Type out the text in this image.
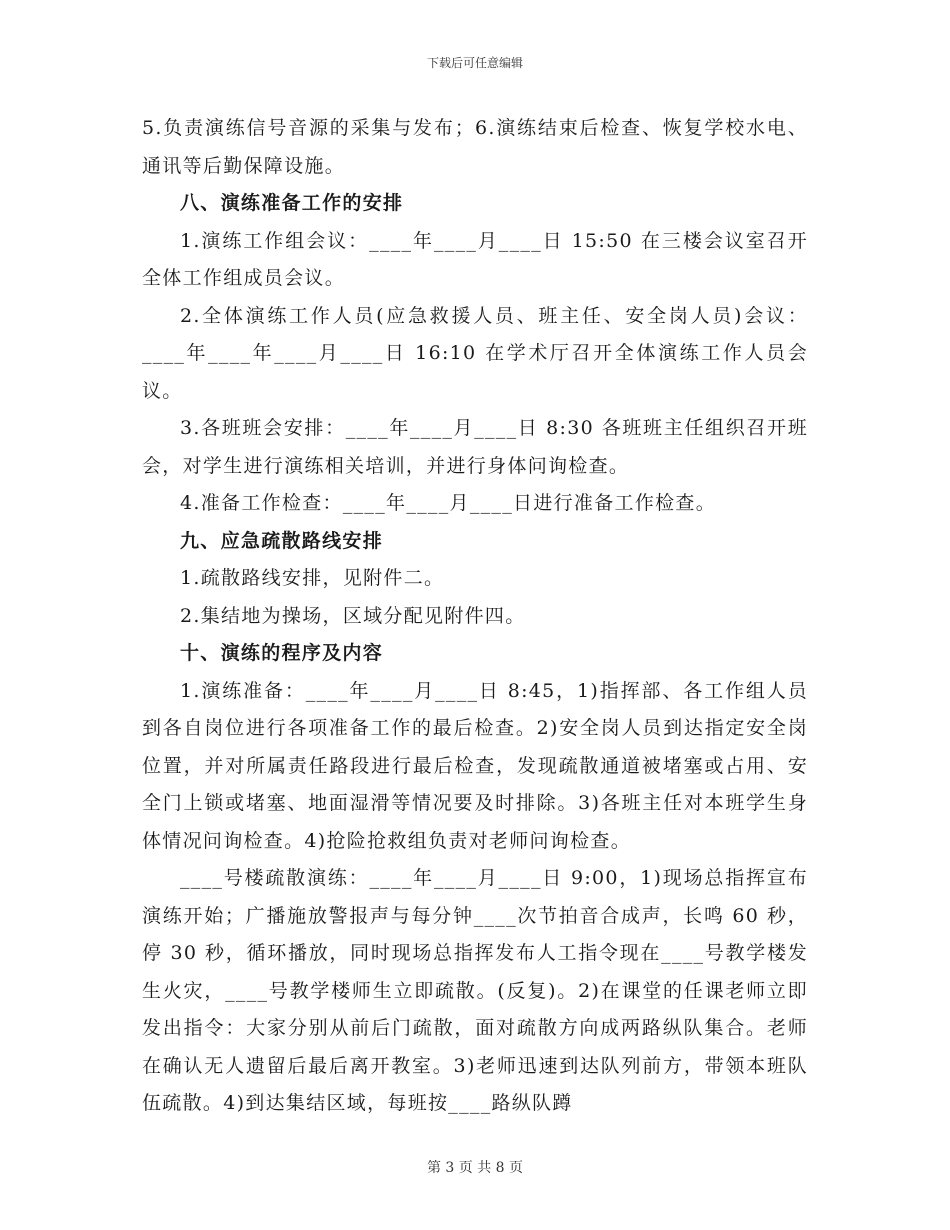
下载后可任意编辑

5.负责演练信号音源的采集与发布；6.演练结束后检查、恢复学校水电、通讯等后勤保障设施。

八、演练准备工作的安排

1.演练工作组会议：____年____月____日 15:50 在三楼会议室召开全体工作组成员会议。

2.全体演练工作人员(应急救援人员、班主任、安全岗人员)会议：____年____年____月____日 16:10 在学术厅召开全体演练工作人员会议。

3.各班班会安排：____年____月____日 8:30 各班班主任组织召开班会，对学生进行演练相关培训，并进行身体问询检查。

4.准备工作检查：____年____月____日进行准备工作检查。

九、应急疏散路线安排

1.疏散路线安排，见附件二。

2.集结地为操场，区域分配见附件四。

十、演练的程序及内容

1.演练准备：____年____月____日 8:45，1)指挥部、各工作组人员到各自岗位进行各项准备工作的最后检查。2)安全岗人员到达指定安全岗位置，并对所属责任路段进行最后检查，发现疏散通道被堵塞或占用、安全门上锁或堵塞、地面湿滑等情况要及时排除。3)各班主任对本班学生身体情况问询检查。4)抢险抢救组负责对老师问询检查。

____号楼疏散演练：____年____月____日 9:00，1)现场总指挥宣布演练开始；广播施放警报声与每分钟____次节拍音合成声，长鸣 60 秒，停 30 秒，循环播放，同时现场总指挥发布人工指令现在____号教学楼发生火灾，____号教学楼师生立即疏散。(反复)。2)在课堂的任课老师立即发出指令：大家分别从前后门疏散，面对疏散方向成两路纵队集合。老师在确认无人遗留后最后离开教室。3)老师迅速到达队列前方，带领本班队伍疏散。4)到达集结区域，每班按____路纵队蹲

第 3 页 共 8 页
